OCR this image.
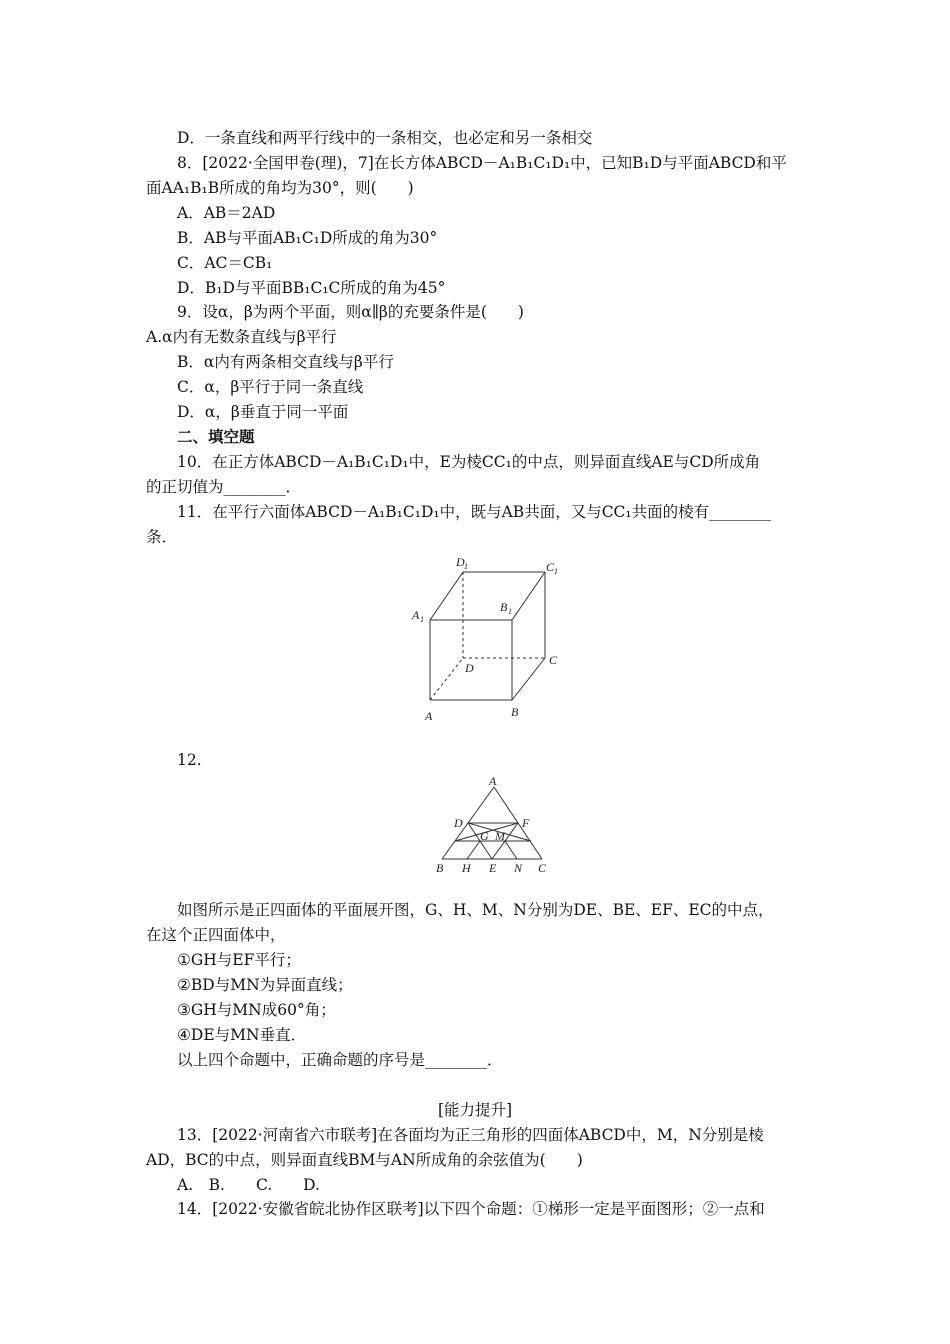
D．一条直线和两平行线中的一条相交，也必定和另一条相交
8．[2022·全国甲卷(理)，7]在长方体ABCD－A₁B₁C₁D₁中，已知B₁D与平面ABCD和平
面AA₁B₁B所成的角均为30°，则(　　)
A．AB＝2AD
B．AB与平面AB₁C₁D所成的角为30°
C．AC＝CB₁
D．B₁D与平面BB₁C₁C所成的角为45°
9．设α，β为两个平面，则α∥β的充要条件是(　　)
A.α内有无数条直线与β平行
B．α内有两条相交直线与β平行
C．α，β平行于同一条直线
D．α，β垂直于同一平面
二、填空题
10．在正方体ABCD－A₁B₁C₁D₁中，E为棱CC₁的中点，则异面直线AE与CD所成角
的正切值为________．
11．在平行六面体ABCD－A₁B₁C₁D₁中，既与AB共面，又与CC₁共面的棱有________
条．
D 1	C 1
B 1
A 1
D
C
A	B
12.
A
D	F
G M
B H E N C
如图所示是正四面体的平面展开图，G、H、M、N分别为DE、BE、EF、EC的中点，
在这个正四面体中，
①GH与EF平行；
②BD与MN为异面直线；
③GH与MN成60°角；
④DE与MN垂直．
以上四个命题中，正确命题的序号是________．
[能力提升]
13．[2022·河南省六市联考]在各面均为正三角形的四面体ABCD中，M，N分别是棱
AD，BC的中点，则异面直线BM与AN所成角的余弦值为(　　)
A.　B.　　C.　　D.
14．[2022·安徽省皖北协作区联考]以下四个命题：①梯形一定是平面图形；②一点和
